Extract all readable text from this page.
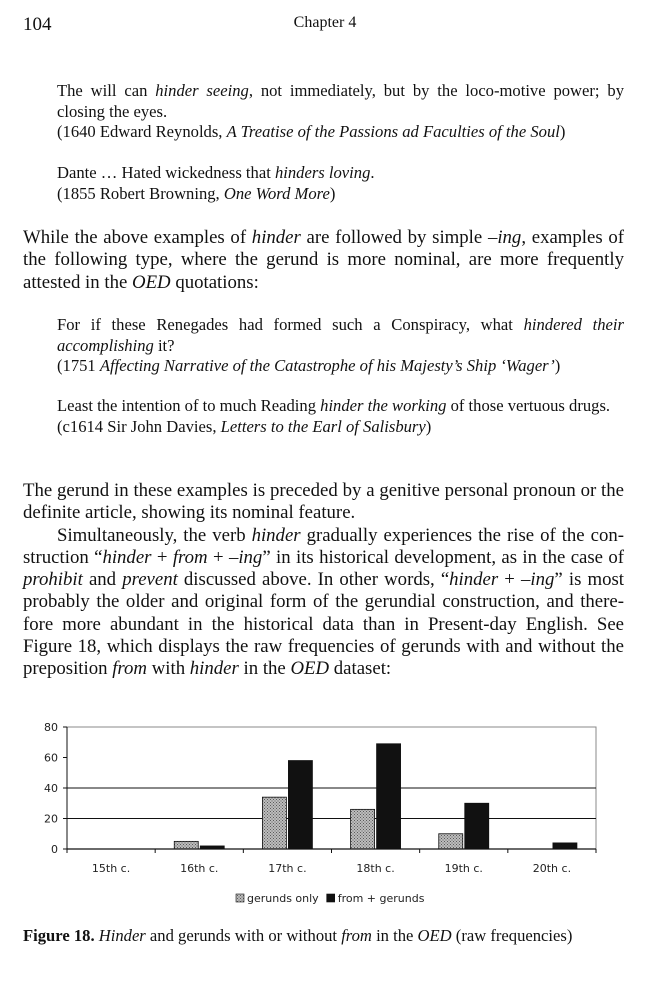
104	Chapter 4

The will can hinder seeing, not immediately, but by the loco-motive power; by closing the eyes.

(1640 Edward Reynolds, A Treatise of the Passions ad Faculties of the Soul)

Dante … Hated wickedness that hinders loving.

(1855 Robert Browning, One Word More)

While the above examples of hinder are followed by simple –ing, examples of the following type, where the gerund is more nominal, are more frequently attested in the OED quotations:

For if these Renegades had formed such a Conspiracy, what hindered their accomplishing it?

(1751 Affecting Narrative of the Catastrophe of his Majesty’s Ship ‘Wager’)

Least the intention of to much Reading hinder the working of those vertuous drugs.

(c1614 Sir John Davies, Letters to the Earl of Salisbury)

The gerund in these examples is preceded by a genitive personal pronoun or the definite article, showing its nominal feature.

Simultaneously, the verb hinder gradually experiences the rise of the con-struction “hinder + from + –ing” in its historical development, as in the case of prohibit and prevent discussed above. In other words, “hinder + –ing” is most probably the older and original form of the gerundial construction, and there-fore more abundant in the historical data than in Present-day English. See Figure 18, which displays the raw frequencies of gerunds with and without the preposition from with hinder in the OED dataset:

0
20
40
60
80
15th c.	16th c.	17th c.	18th c.	19th c.	20th c.
gerunds only from + gerunds
Figure 18. Hinder and gerunds with or without from in the OED (raw frequencies)
